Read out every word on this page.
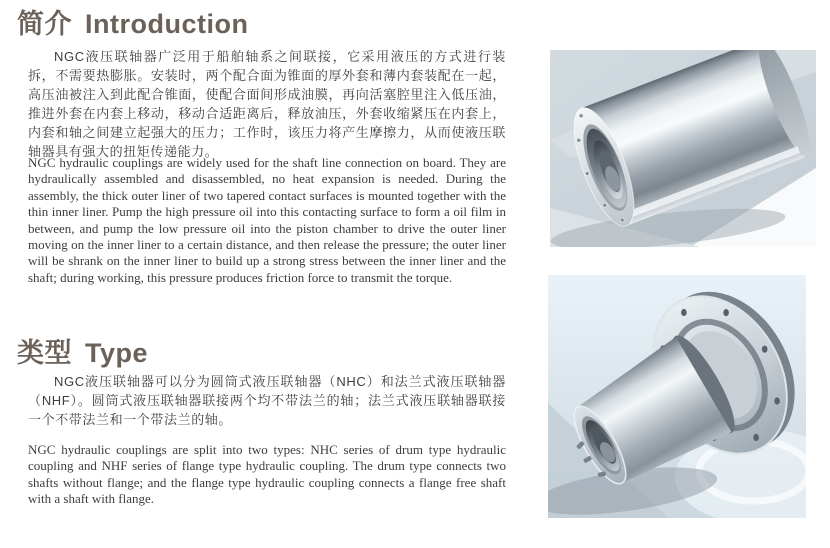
简介 Introduction

NGC液压联轴器广泛用于船舶轴系之间联接，它采用液压的方式进行装拆，不需要热膨胀。安装时，两个配合面为锥面的厚外套和薄内套装配在一起，高压油被注入到此配合锥面，使配合面间形成油膜，再向活塞腔里注入低压油，推进外套在内套上移动，移动合适距离后，释放油压，外套收缩紧压在内套上，内套和轴之间建立起强大的压力；工作时，该压力将产生摩擦力，从而使液压联轴器具有强大的扭矩传递能力。

NGC hydraulic couplings are widely used for the shaft line connection on board. They are hydraulically assembled and disassembled, no heat expansion is needed. During the assembly, the thick outer liner of two tapered contact surfaces is mounted together with the thin inner liner. Pump the high pressure oil into this contacting surface to form a oil film in between, and pump the low pressure oil into the piston chamber to drive the outer liner moving on the inner liner to a certain distance, and then release the pressure; the outer liner will be shrank on the inner liner to build up a strong stress between the inner liner and the shaft; during working, this pressure produces friction force to transmit the torque.

类型 Type

NGC液压联轴器可以分为圆筒式液压联轴器（NHC）和法兰式液压联轴器（NHF）。圆筒式液压联轴器联接两个均不带法兰的轴；法兰式液压联轴器联接一个不带法兰和一个带法兰的轴。

NGC hydraulic couplings are split into two types: NHC series of drum type hydraulic coupling and NHF series of flange type hydraulic coupling. The drum type connects two shafts without flange; and the flange type hydraulic coupling connects a flange free shaft with a shaft with flange.
